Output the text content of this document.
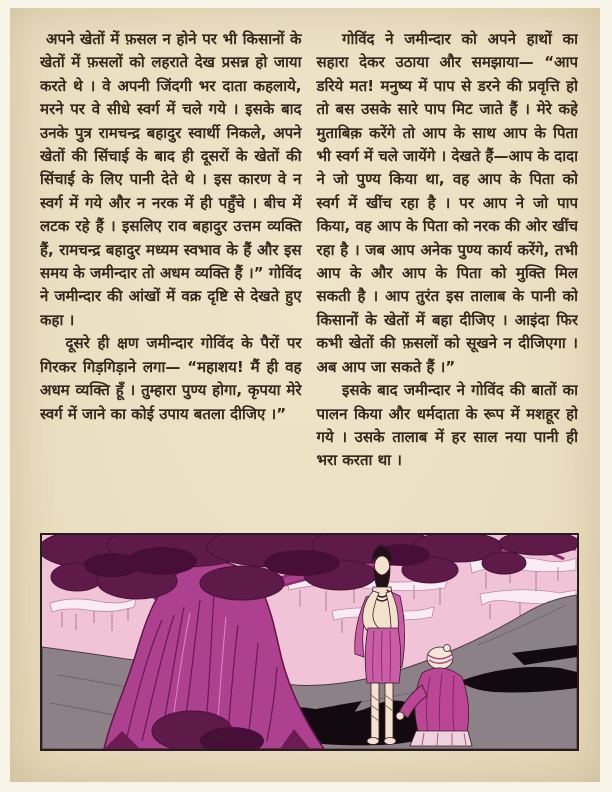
अपने खेतों में फ़सल न होने पर भी किसानों के खेतों में फ़सलों को लहराते देख प्रसन्न हो जाया करते थे । वे अपनी जिंदगी भर दाता कहलाये, मरने पर वे सीधे स्वर्ग में चले गये । इसके बाद उनके पुत्र रामचन्द्र बहादुर स्वार्थी निकले, अपने खेतों की सिंचाई के बाद ही दूसरों के खेतों की सिंचाई के लिए पानी देते थे । इस कारण वे न स्वर्ग में गये और न नरक में ही पहुँचे । बीच में लटक रहे हैं । इसलिए राव बहादुर उत्तम व्यक्ति हैं, रामचन्द्र बहादुर मध्यम स्वभाव के हैं और इस समय के जमीन्दार तो अधम व्यक्ति हैं ।” गोविंद ने जमीन्दार की आंखों में वक्र दृष्टि से देखते हुए कहा ।

दूसरे ही क्षण जमीन्दार गोविंद के पैरों पर गिरकर गिड़गिड़ाने लगा— “महाशय! मैं ही वह अधम व्यक्ति हूँ । तुम्हारा पुण्य होगा, कृपया मेरे स्वर्ग में जाने का कोई उपाय बतला दीजिए ।”

गोविंद ने जमीन्दार को अपने हाथों का सहारा देकर उठाया और समझाया— “आप डरिये मत! मनुष्य में पाप से डरने की प्रवृत्ति हो तो बस उसके सारे पाप मिट जाते हैं । मेरे कहे मुताबिक़ करेंगे तो आप के साथ आप के पिता भी स्वर्ग में चले जायेंगे । देखते हैं—आप के दादा ने जो पुण्य किया था, वह आप के पिता को स्वर्ग में खींच रहा है । पर आप ने जो पाप किया, वह आप के पिता को नरक की ओर खींच रहा है । जब आप अनेक पुण्य कार्य करेंगे, तभी आप के और आप के पिता को मुक्ति मिल सकती है । आप तुरंत इस तालाब के पानी को किसानों के खेतों में बहा दीजिए । आइंदा फिर कभी खेतों की फ़सलों को सूखने न दीजिएगा । अब आप जा सकते हैं ।”

इसके बाद जमीन्दार ने गोविंद की बातों का पालन किया और धर्मदाता के रूप में मशहूर हो गये । उसके तालाब में हर साल नया पानी ही भरा करता था ।

Rai
